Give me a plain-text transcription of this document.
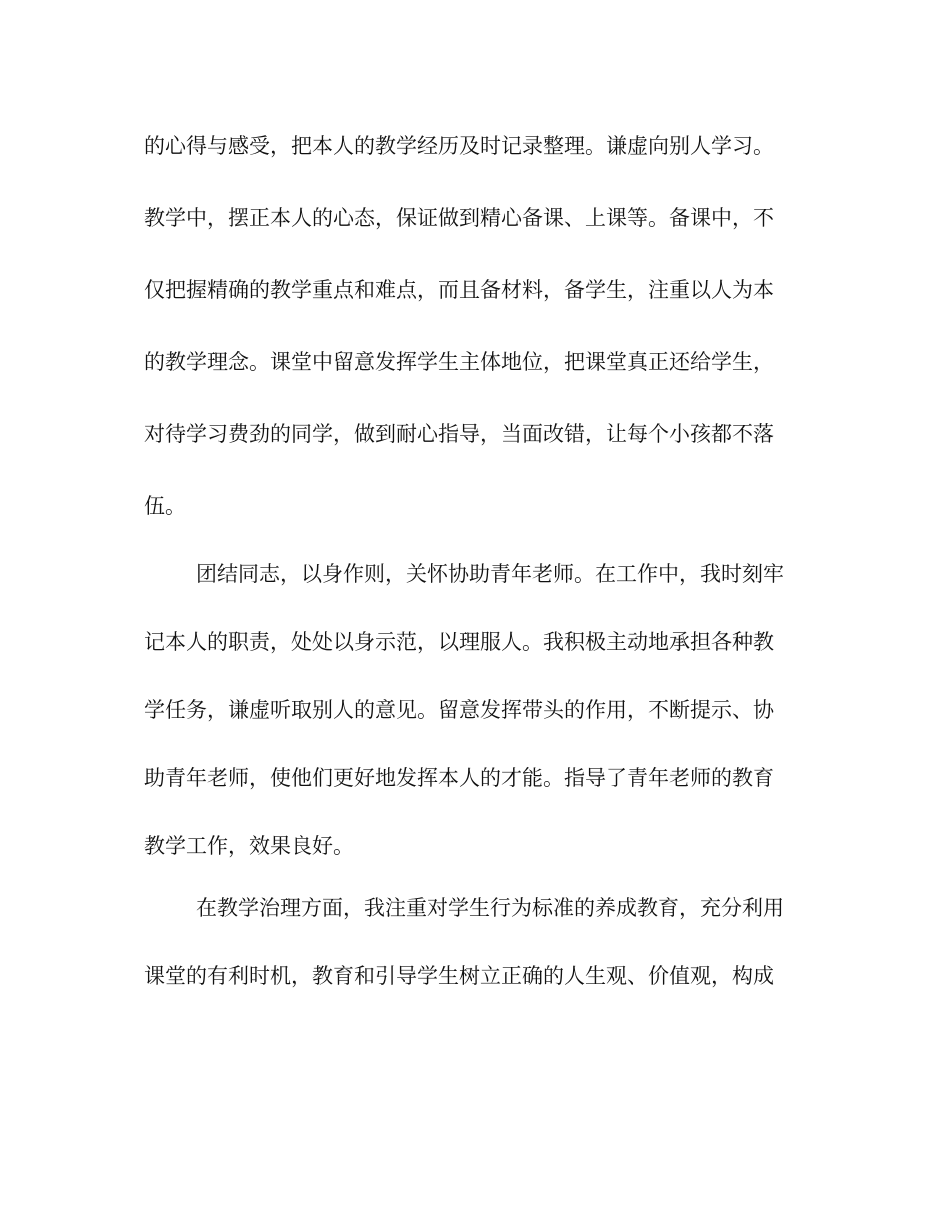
的心得与感受，把本人的教学经历及时记录整理。谦虚向别人学习。

教学中，摆正本人的心态，保证做到精心备课、上课等。备课中，不

仅把握精确的教学重点和难点，而且备材料，备学生，注重以人为本

的教学理念。课堂中留意发挥学生主体地位，把课堂真正还给学生，

对待学习费劲的同学，做到耐心指导，当面改错，让每个小孩都不落

伍。

团结同志，以身作则，关怀协助青年老师。在工作中，我时刻牢

记本人的职责，处处以身示范，以理服人。我积极主动地承担各种教

学任务，谦虚听取别人的意见。留意发挥带头的作用，不断提示、协

助青年老师，使他们更好地发挥本人的才能。指导了青年老师的教育

教学工作，效果良好。

在教学治理方面，我注重对学生行为标准的养成教育，充分利用

课堂的有利时机，教育和引导学生树立正确的人生观、价值观，构成
